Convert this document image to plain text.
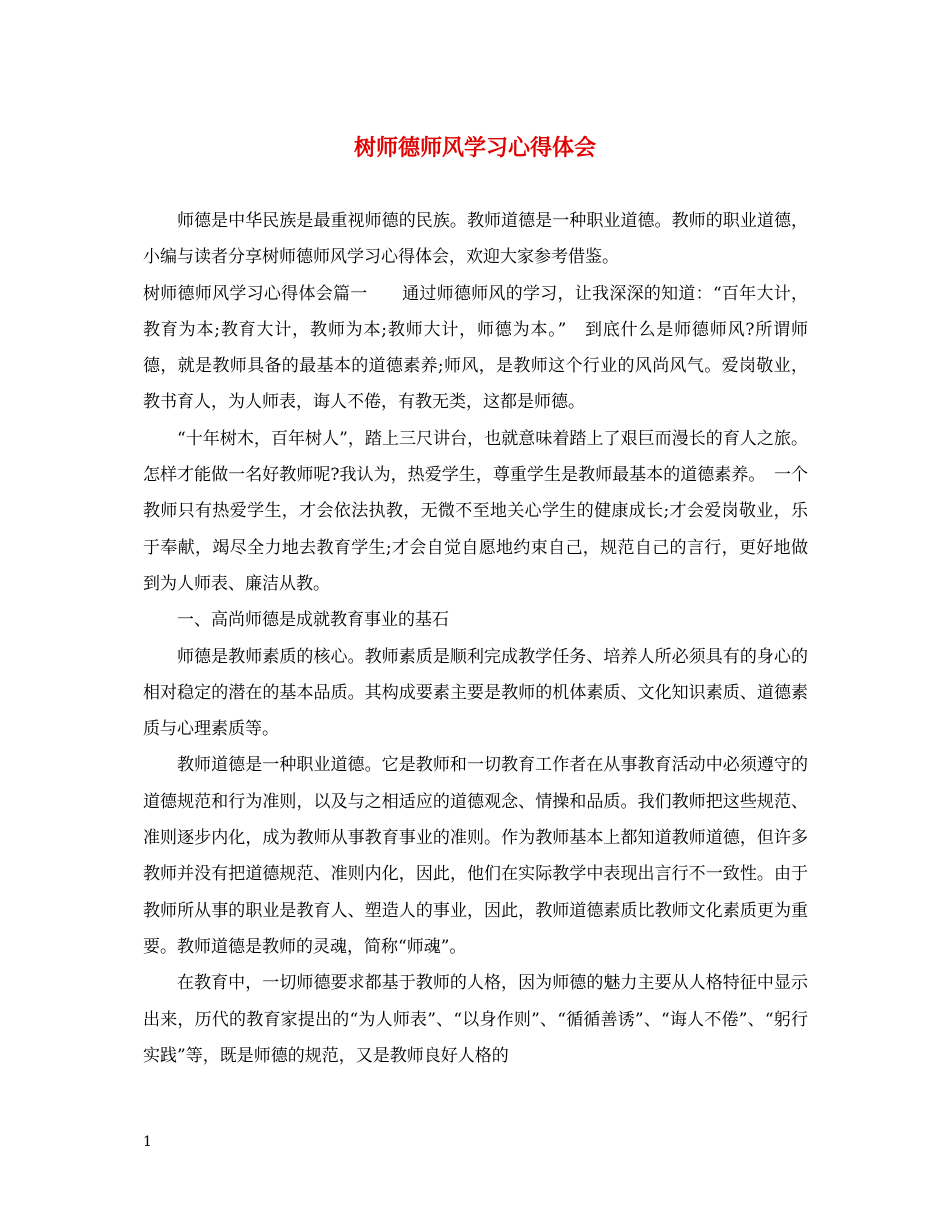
树师德师风学习心得体会

师德是中华民族是最重视师德的民族。教师道德是一种职业道德。教师的职业道德，小编与读者分享树师德师风学习心得体会，欢迎大家参考借鉴。

树师德师风学习心得体会篇一　　通过师德师风的学习，让我深深的知道：“百年大计，教育为本;教育大计，教师为本;教师大计，师德为本。”　到底什么是师德师风?所谓师德，就是教师具备的最基本的道德素养;师风，是教师这个行业的风尚风气。爱岗敬业，教书育人，为人师表，诲人不倦，有教无类，这都是师德。

“十年树木，百年树人”，踏上三尺讲台，也就意味着踏上了艰巨而漫长的育人之旅。怎样才能做一名好教师呢?我认为，热爱学生，尊重学生是教师最基本的道德素养。　一个教师只有热爱学生，才会依法执教，无微不至地关心学生的健康成长;才会爱岗敬业，乐于奉献，竭尽全力地去教育学生;才会自觉自愿地约束自己，规范自己的言行，更好地做到为人师表、廉洁从教。

一、高尚师德是成就教育事业的基石

师德是教师素质的核心。教师素质是顺利完成教学任务、培养人所必须具有的身心的相对稳定的潜在的基本品质。其构成要素主要是教师的机体素质、文化知识素质、道德素质与心理素质等。

教师道德是一种职业道德。它是教师和一切教育工作者在从事教育活动中必须遵守的道德规范和行为准则，以及与之相适应的道德观念、情操和品质。我们教师把这些规范、准则逐步内化，成为教师从事教育事业的准则。作为教师基本上都知道教师道德，但许多教师并没有把道德规范、准则内化，因此，他们在实际教学中表现出言行不一致性。由于教师所从事的职业是教育人、塑造人的事业，因此，教师道德素质比教师文化素质更为重要。教师道德是教师的灵魂，简称“师魂”。

在教育中，一切师德要求都基于教师的人格，因为师德的魅力主要从人格特征中显示出来，历代的教育家提出的“为人师表”、“以身作则”、“循循善诱”、“诲人不倦”、“躬行实践”等，既是师德的规范，又是教师良好人格的

1
